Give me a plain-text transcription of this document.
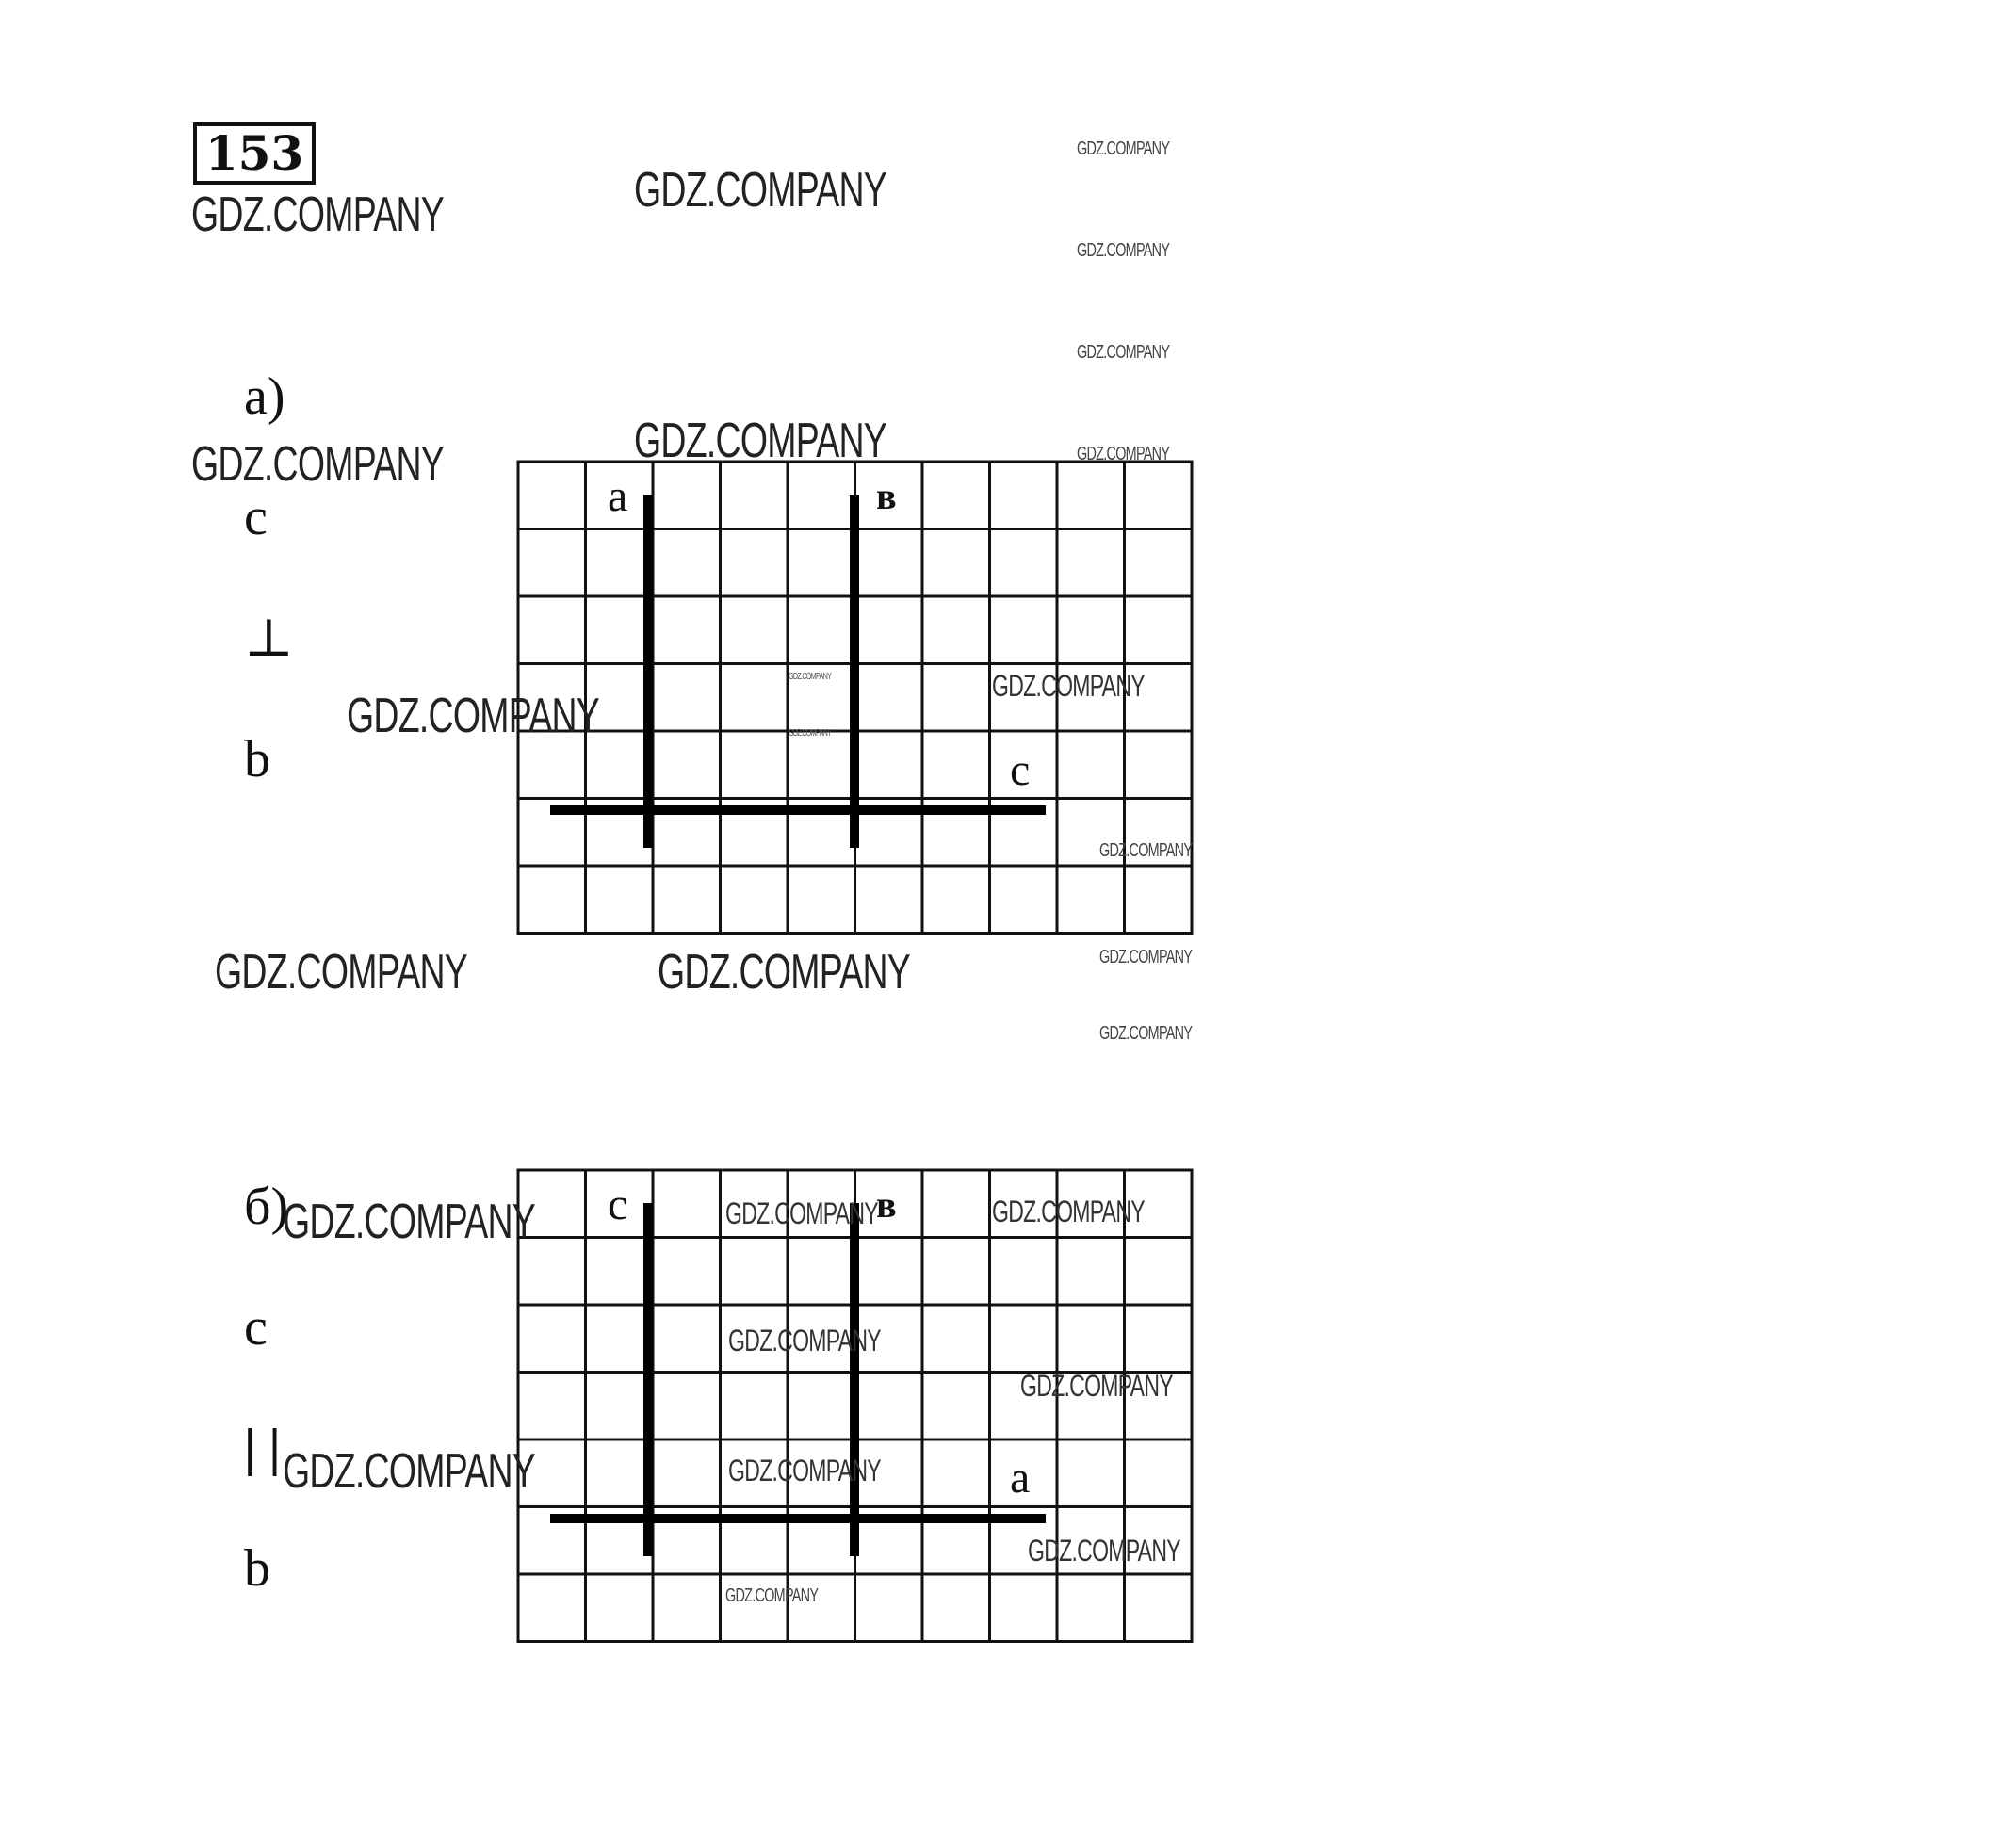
153

а)

c

⊥

b

б)

c

| |

b

a	в
c
c	в
a
GDZ.COMPANY	GDZ.COMPANY
GDZ.COMPANY
GDZ.COMPANY
GDZ.COMPANY
GDZ.COMPANY
GDZ.COMPANY	GDZ.COMPANY
GDZ.COMPANY
GDZ.COMPANY
GDZ.COMPANY
GDZ.COMPANY
GDZ.COMPANY
GDZ.COMPANY
GDZ.COMPANY
GDZ.COMPANY	GDZ.COMPANY
GDZ.COMPANY	GDZ.COMPANY	GDZ.COMPANY
GDZ.COMPANY
GDZ.COMPANY
GDZ.COMPANY	GDZ.COMPANY
GDZ.COMPANY
GDZ.COMPANY
